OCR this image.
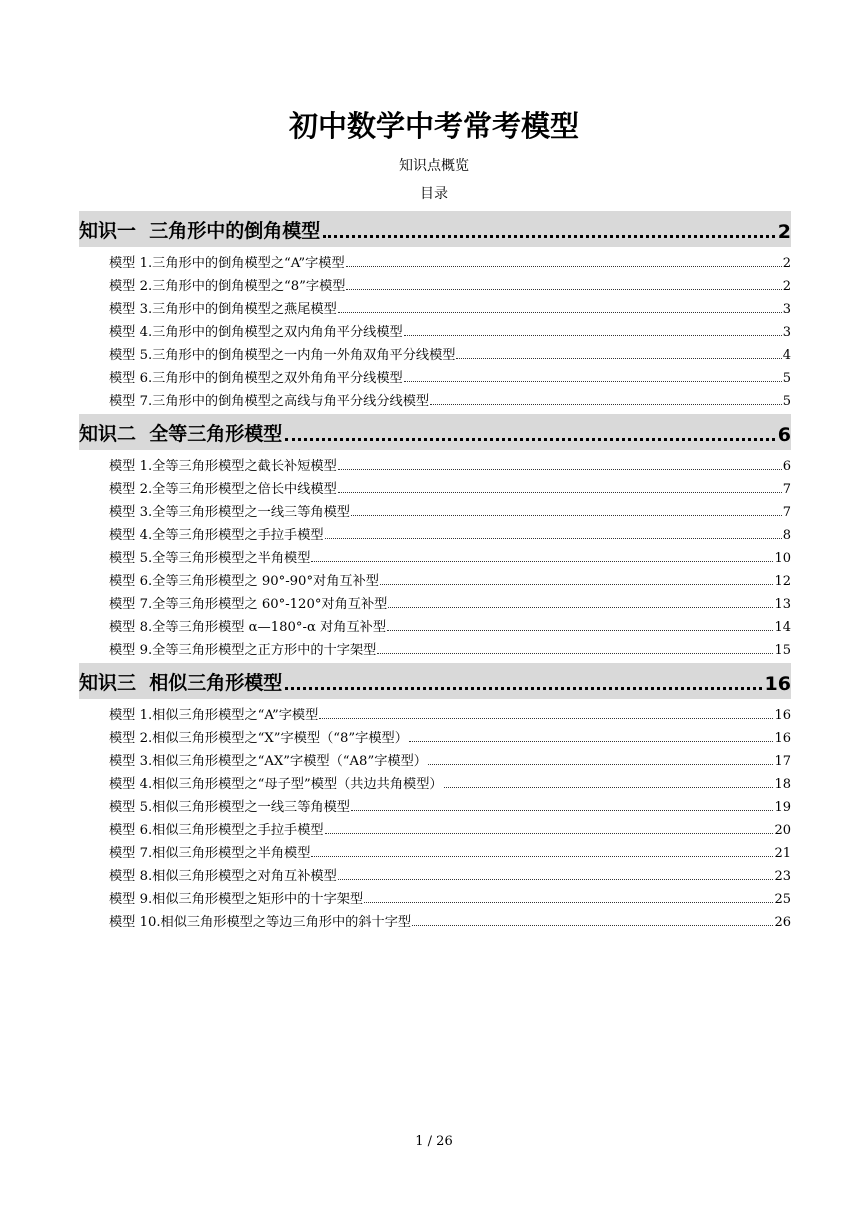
初中数学中考常考模型
知识点概览
目录
知识一  三角形中的倒角模型	2
模型 1.三角形中的倒角模型之“A”字模型	2
模型 2.三角形中的倒角模型之“8”字模型	2
模型 3.三角形中的倒角模型之燕尾模型	3
模型 4.三角形中的倒角模型之双内角角平分线模型	3
模型 5.三角形中的倒角模型之一内角一外角双角平分线模型	4
模型 6.三角形中的倒角模型之双外角角平分线模型	5
模型 7.三角形中的倒角模型之高线与角平分线分线模型	5
知识二  全等三角形模型	6
模型 1.全等三角形模型之截长补短模型	6
模型 2.全等三角形模型之倍长中线模型	7
模型 3.全等三角形模型之一线三等角模型	7
模型 4.全等三角形模型之手拉手模型	8
模型 5.全等三角形模型之半角模型	10
模型 6.全等三角形模型之 90°-90°对角互补型	12
模型 7.全等三角形模型之 60°-120°对角互补型	13
模型 8.全等三角形模型 α—180°-α 对角互补型	14
模型 9.全等三角形模型之正方形中的十字架型	15
知识三  相似三角形模型	16
模型 1.相似三角形模型之“A”字模型	16
模型 2.相似三角形模型之“X”字模型（“8”字模型）	16
模型 3.相似三角形模型之“AX”字模型（“A8”字模型）	17
模型 4.相似三角形模型之“母子型”模型（共边共角模型）	18
模型 5.相似三角形模型之一线三等角模型	19
模型 6.相似三角形模型之手拉手模型	20
模型 7.相似三角形模型之半角模型	21
模型 8.相似三角形模型之对角互补模型	23
模型 9.相似三角形模型之矩形中的十字架型	25
模型 10.相似三角形模型之等边三角形中的斜十字型	26
1 / 26
